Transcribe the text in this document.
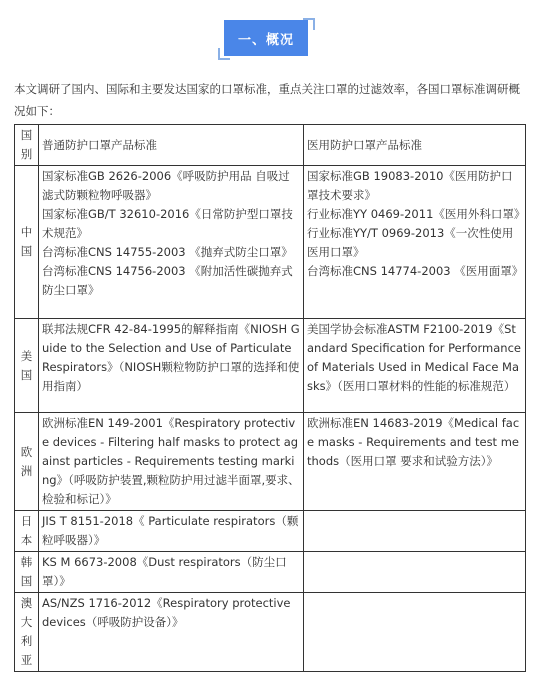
一、概况

本文调研了国内、国际和主要发达国家的口罩标准，重点关注口罩的过滤效率，各国口罩标准调研概况如下：

国别	普通防护口罩产品标准	医用防护口罩产品标准

中国	国家标准GB 2626-2006《呼吸防护用品 自吸过滤式防颗粒物呼吸器》
国家标准GB/T 32610-2016《日常防护型口罩技术规范》
台湾标准CNS 14755-2003 《抛弃式防尘口罩》
台湾标准CNS 14756-2003 《附加活性碳抛弃式防尘口罩》	国家标准GB 19083-2010《医用防护口罩技术要求》
行业标准YY 0469-2011《医用外科口罩》
行业标准YY/T 0969-2013《一次性使用医用口罩》
台湾标准CNS 14774-2003 《医用面罩》

美国	联邦法规CFR 42-84-1995的解释指南《NIOSH Guide to the Selection and Use of Particulate Respirators》（NIOSH颗粒物防护口罩的选择和使用指南）	美国学协会标准ASTM F2100-2019《Standard Specification for Performance of Materials Used in Medical Face Masks》（医用口罩材料的性能的标准规范）

欧洲	欧洲标准EN 149-2001《Respiratory protective devices - Filtering half masks to protect against particles - Requirements testing marking》（呼吸防护装置,颗粒防护用过滤半面罩,要求、检验和标记）》	欧洲标准EN 14683-2019《Medical face masks - Requirements and test methods（医用口罩 要求和试验方法）》

日本	JIS T 8151-2018《 Particulate respirators（颗粒呼吸器）》	

韩国	KS M 6673-2008《Dust respirators（防尘口罩）》	

澳大利亚	AS/NZS 1716-2012《Respiratory protective devices（呼吸防护设备）》	
